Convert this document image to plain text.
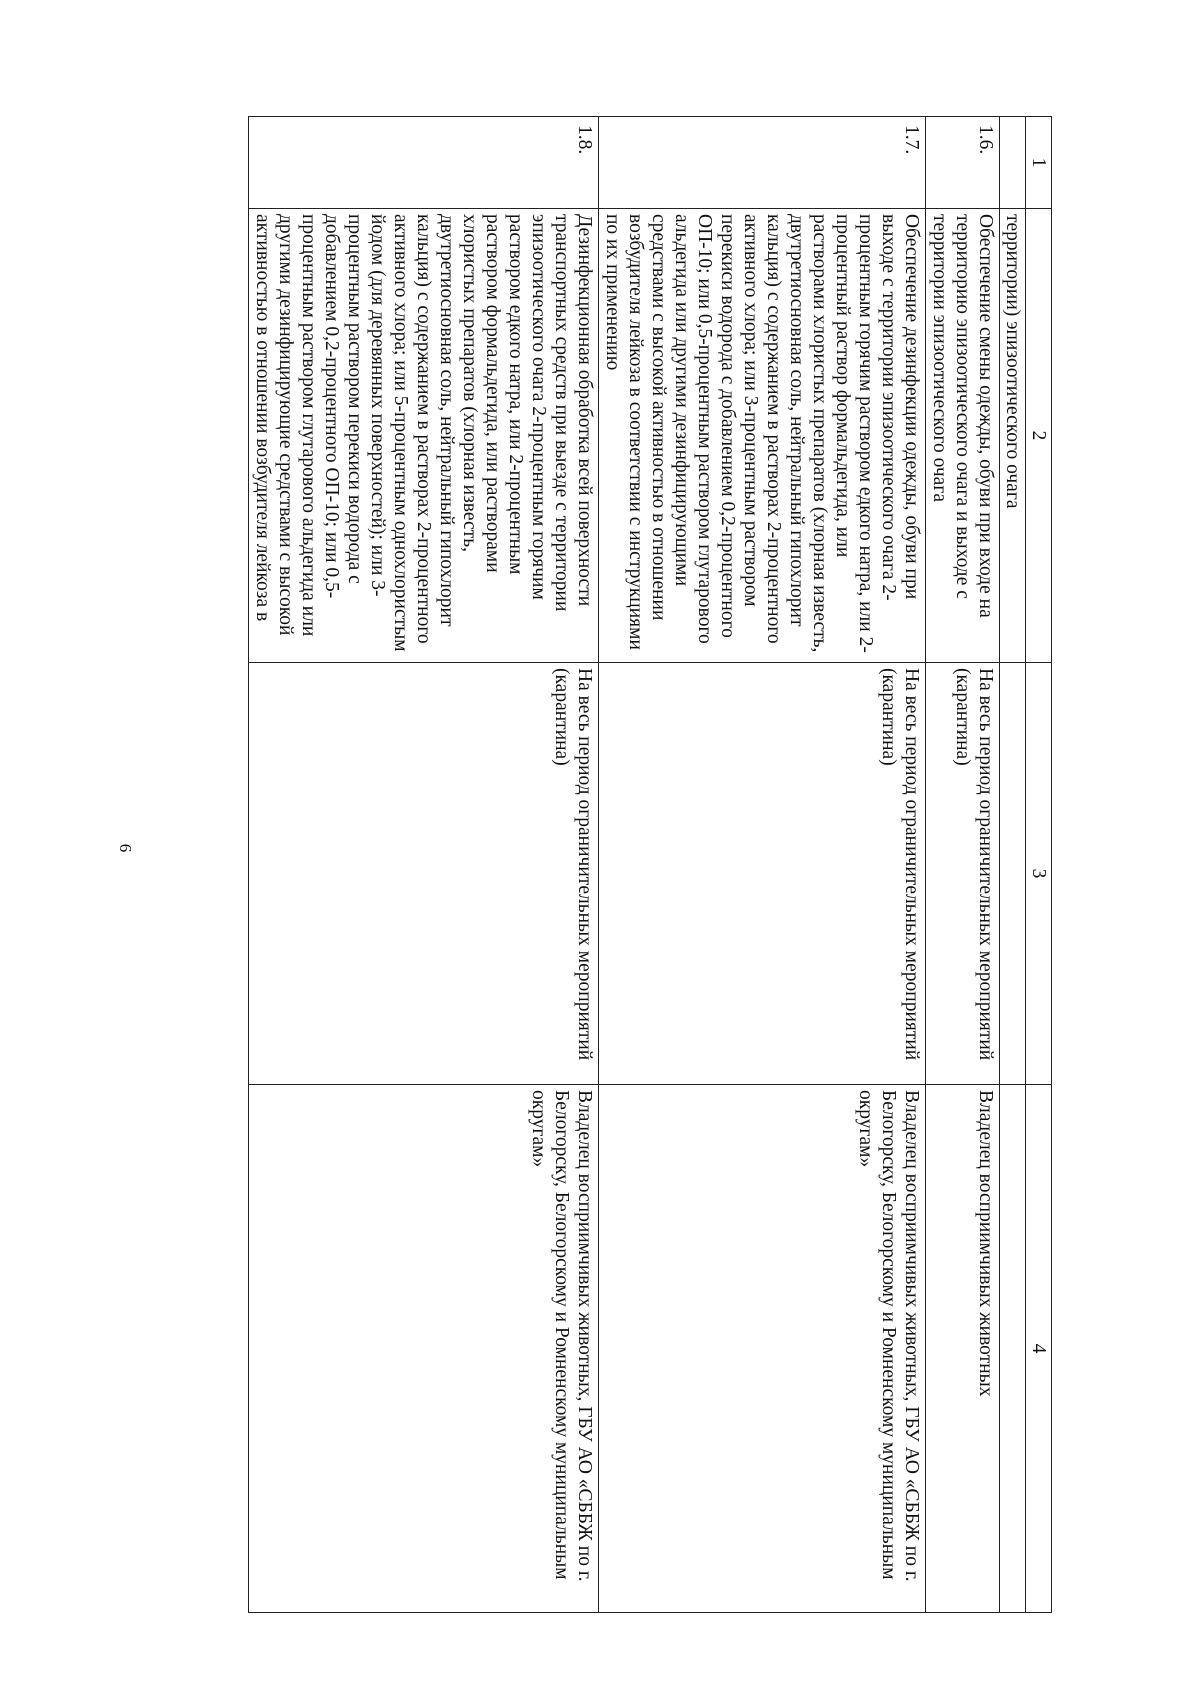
6
1	2	3	4
	территории) эпизоотического очага		
1.6.	Обеспечение смены одежды, обуви при входе на территорию эпизоотического очага и выходе с территории эпизоотического очага	На весь период ограничительных мероприятий (карантина)	Владелец восприимчивых животных
1.7.	Обеспечение дезинфекции одежды, обуви при выходе с территории эпизоотического очага 2-процентным горячим раствором едкого натра, или 2-процентный раствор формальдегида, или растворами хлористых препаратов (хлорная известь, двутретиосновная соль, нейтральный гипохлорит кальция) с содержанием в растворах 2-процентного активного хлора; или 3-процентным раствором перекиси водорода с добавлением 0,2-процентного ОП-10; или 0,5-процентным раствором глутарового альдегида или другими дезинфицирующими средствами с высокой активностью в отношении возбудителя лейкоза в соответствии с инструкциями по их применению	На весь период ограничительных мероприятий (карантина)	Владелец восприимчивых животных, ГБУ АО «СББЖ по г. Белогорску, Белогорскому и Ромненскому муниципальным округам»
1.8.	Дезинфекционная обработка всей поверхности транспортных средств при выезде с территории эпизоотического очага 2-процентным горячим раствором едкого натра, или 2-процентным раствором формальдегида, или растворами хлористых препаратов (хлорная известь, двутретиосновная соль, нейтральный гипохлорит кальция) с содержанием в растворах 2-процентного активного хлора; или 5-процентным однохлористым йодом (для деревянных поверхностей); или 3-процентным раствором перекиси водорода с добавлением 0,2-процентного ОП-10; или 0,5-процентным раствором глутарового альдегида или другими дезинфицирующие средствами с высокой активностью в отношении возбудителя лейкоза в	На весь период ограничительных мероприятий (карантина)	Владелец восприимчивых животных, ГБУ АО «СББЖ по г. Белогорску, Белогорскому и Ромненскому муниципальным округам»
